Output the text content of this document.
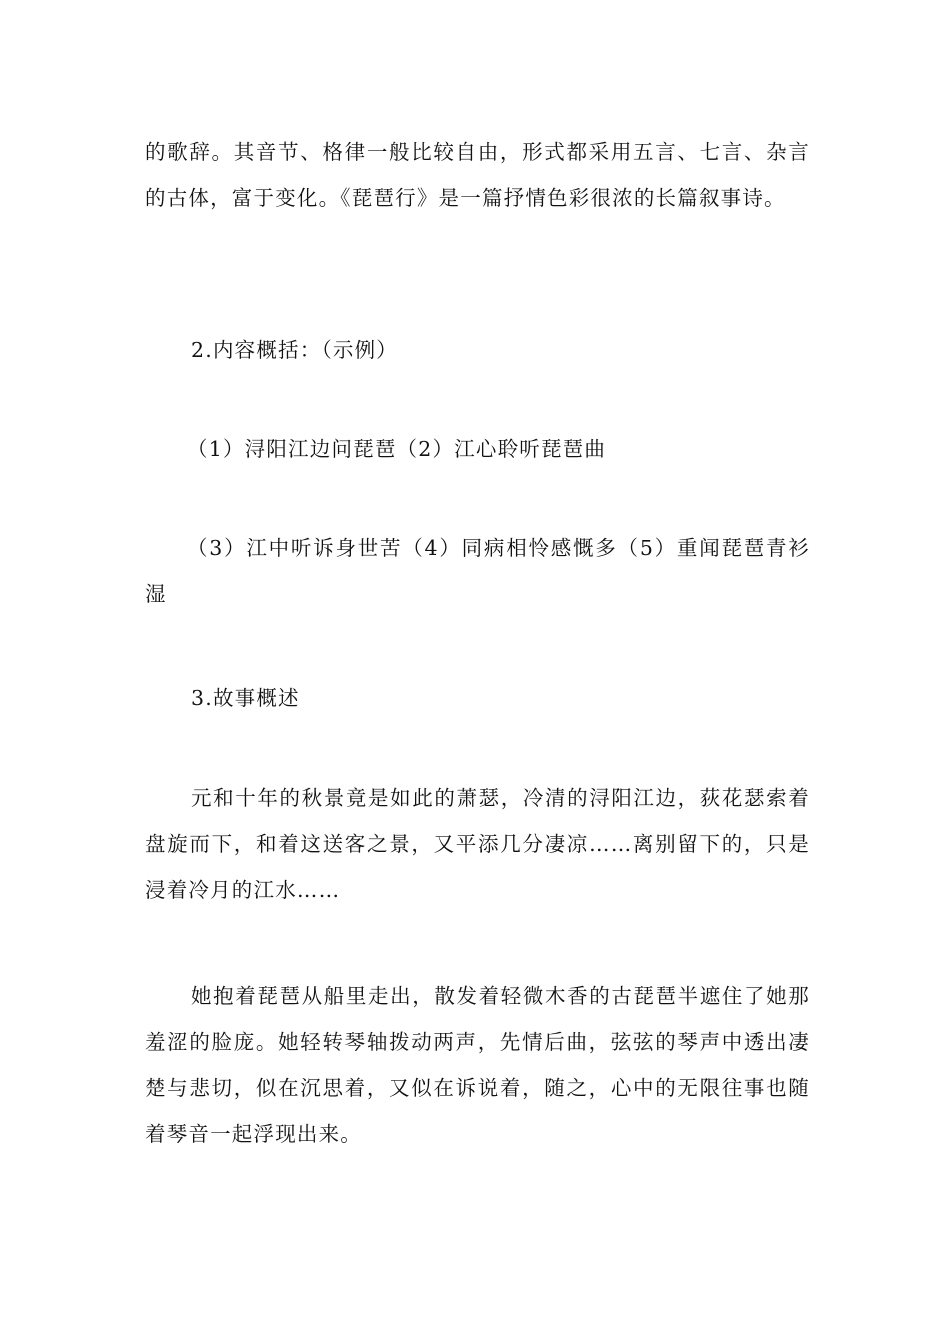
的歌辞。其音节、格律一般比较自由，形式都采用五言、七言、杂言的古体，富于变化。《琵琶行》是一篇抒情色彩很浓的长篇叙事诗。

2.内容概括：（示例）

（1）浔阳江边问琵琶（2）江心聆听琵琶曲

（3）江中听诉身世苦（4）同病相怜感慨多（5）重闻琵琶青衫湿

3.故事概述

元和十年的秋景竟是如此的萧瑟，冷清的浔阳江边，荻花瑟索着盘旋而下，和着这送客之景，又平添几分凄凉……离别留下的，只是浸着冷月的江水……

她抱着琵琶从船里走出，散发着轻微木香的古琵琶半遮住了她那羞涩的脸庞。她轻转琴轴拨动两声，先情后曲，弦弦的琴声中透出凄楚与悲切，似在沉思着，又似在诉说着，随之，心中的无限往事也随着琴音一起浮现出来。
